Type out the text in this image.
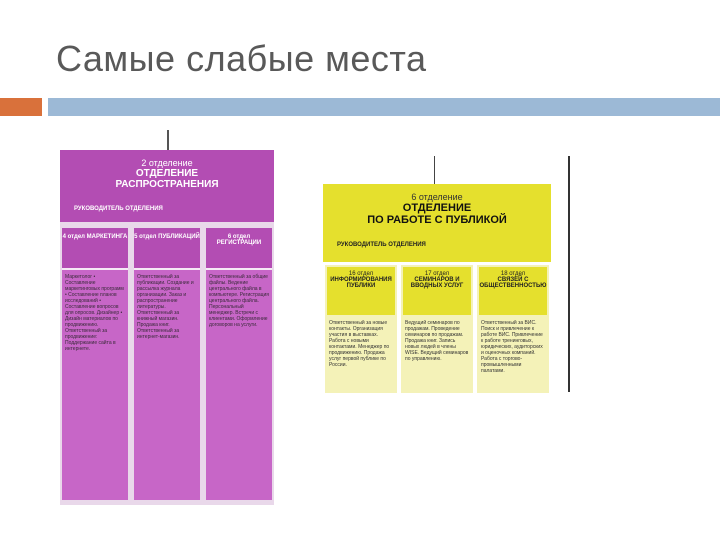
Самые слабые места
2 отделение
ОТДЕЛЕНИЕ
РАСПРОСТРАНЕНИЯ
РУКОВОДИТЕЛЬ ОТДЕЛЕНИЯ
4 отдел МАРКЕТИНГА
Маркетолог • Составление маркетинговых программ • Составление планов исследований • Составление вопросов для опросов. Дизайнер • Дизайн материалов по продвижению. Ответственный за продвижение: Поддержание сайта в интернете.
5 отдел ПУБЛИКАЦИЙ
Ответственный за публикации. Создание и рассылка журнала организации. Заказ и распространение литературы. Ответственный за книжный магазин. Продажа книг. Ответственный за интернет-магазин.
6 отдел РЕГИСТРАЦИИ
Ответственный за общие файлы. Ведение центрального файла в компьютере. Регистрация центрального файла. Персональный менеджер. Встречи с клиентами. Оформление договоров на услуги.
6 отделение
ОТДЕЛЕНИЕ
ПО РАБОТЕ С ПУБЛИКОЙ
РУКОВОДИТЕЛЬ ОТДЕЛЕНИЯ
16 отдел
ИНФОРМИРОВАНИЯ ПУБЛИКИ
Ответственный за новые контакты. Организация участия в выставках. Работа с новыми контактами. Менеджер по продвижению. Продажа услуг первой публике по России.
17 отдел
СЕМИНАРОВ И ВВОДНЫХ УСЛУГ
Ведущий семинаров по продажам. Проведение семинаров по продажам. Продажа книг. Запись новых людей в члены WISE. Ведущий семинаров по управлению.
18 отдел
СВЯЗЕЙ С ОБЩЕСТВЕННОСТЬЮ
Ответственный за ВИС. Поиск и привлечение к работе ВИС. Привлечение к работе тренинговых, юридических, аудиторских и оценочных компаний. Работа с торгово-промышленными палатами.
